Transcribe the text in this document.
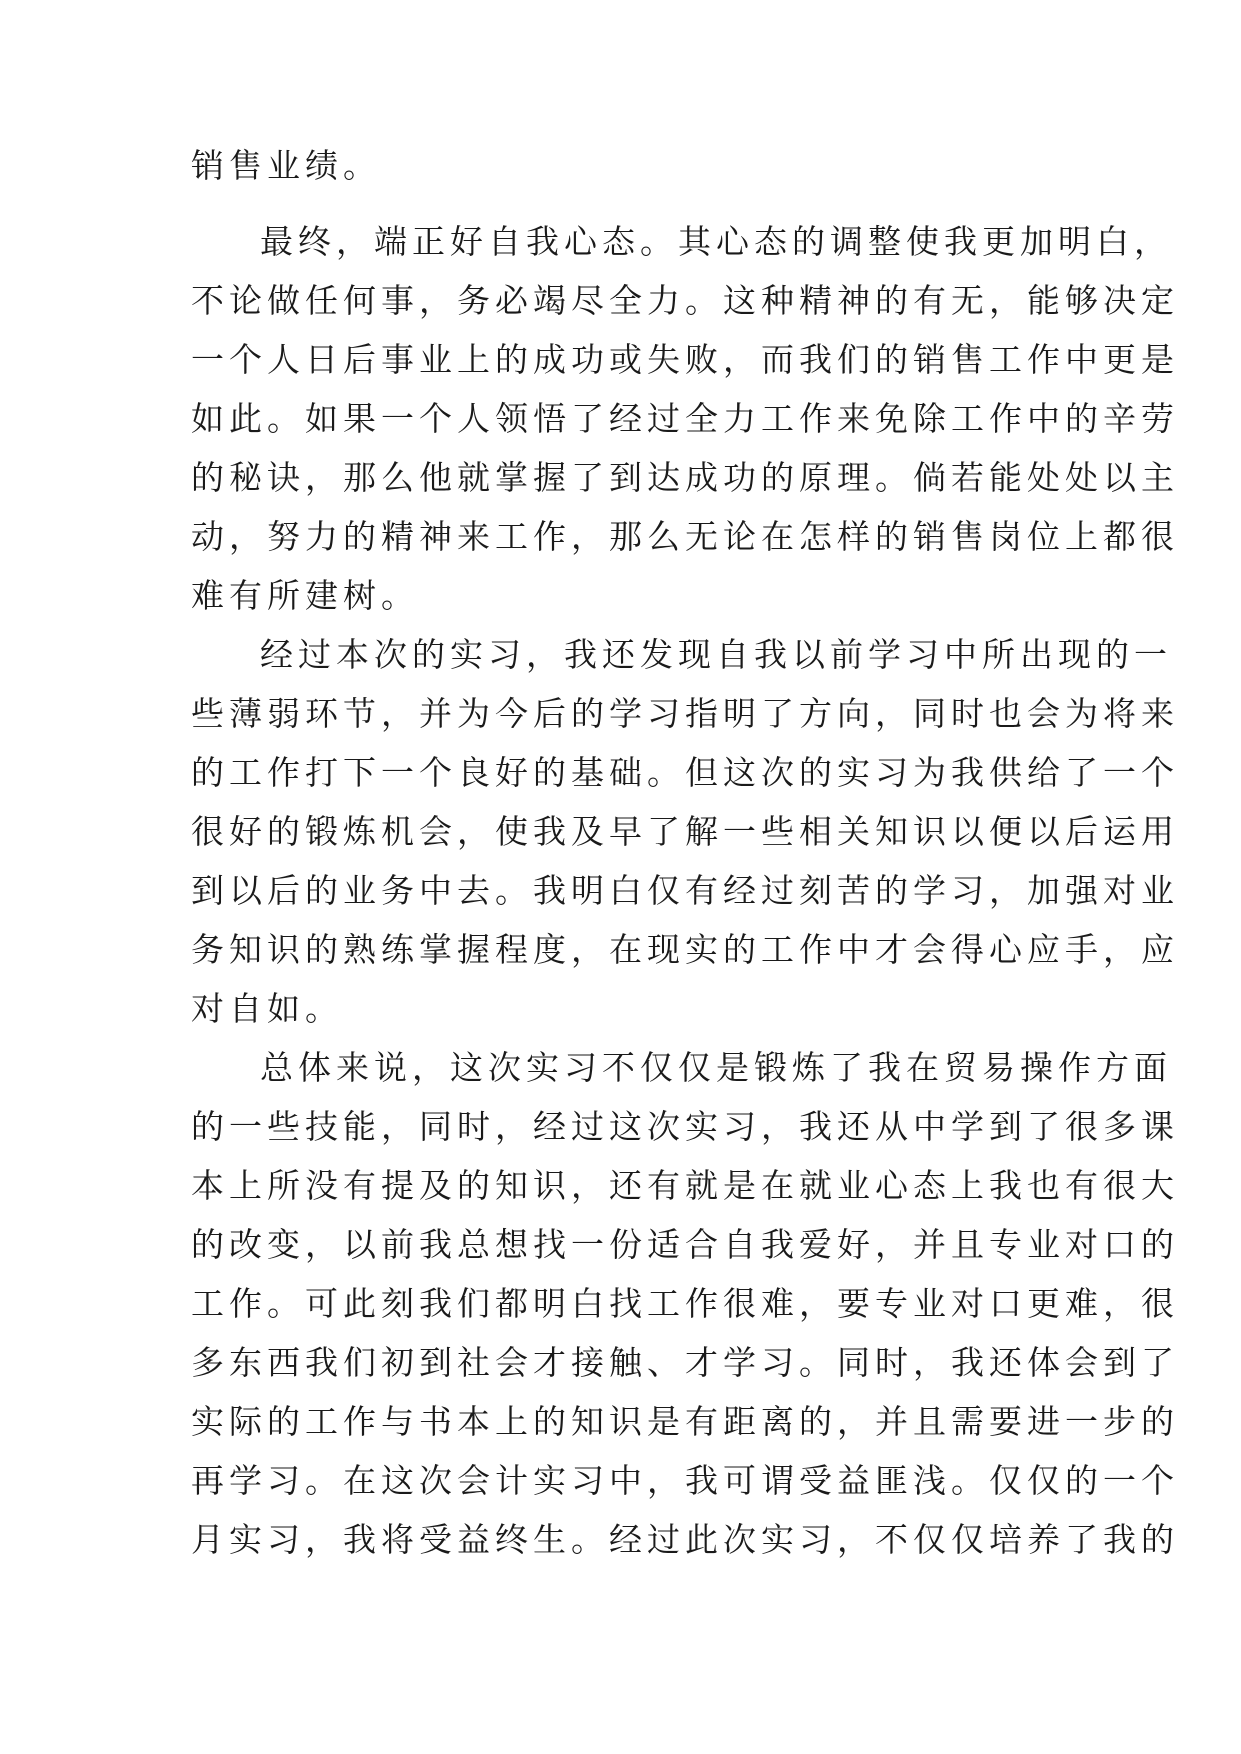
销售业绩。
最终，端正好自我心态。其心态的调整使我更加明白，
不论做任何事，务必竭尽全力。这种精神的有无，能够决定
一个人日后事业上的成功或失败，而我们的销售工作中更是
如此。如果一个人领悟了经过全力工作来免除工作中的辛劳
的秘诀，那么他就掌握了到达成功的原理。倘若能处处以主
动，努力的精神来工作，那么无论在怎样的销售岗位上都很
难有所建树。
经过本次的实习，我还发现自我以前学习中所出现的一
些薄弱环节，并为今后的学习指明了方向，同时也会为将来
的工作打下一个良好的基础。但这次的实习为我供给了一个
很好的锻炼机会，使我及早了解一些相关知识以便以后运用
到以后的业务中去。我明白仅有经过刻苦的学习，加强对业
务知识的熟练掌握程度，在现实的工作中才会得心应手，应
对自如。
总体来说，这次实习不仅仅是锻炼了我在贸易操作方面
的一些技能，同时，经过这次实习，我还从中学到了很多课
本上所没有提及的知识，还有就是在就业心态上我也有很大
的改变，以前我总想找一份适合自我爱好，并且专业对口的
工作。可此刻我们都明白找工作很难，要专业对口更难，很
多东西我们初到社会才接触、才学习。同时，我还体会到了
实际的工作与书本上的知识是有距离的，并且需要进一步的
再学习。在这次会计实习中，我可谓受益匪浅。仅仅的一个
月实习，我将受益终生。经过此次实习，不仅仅培养了我的
